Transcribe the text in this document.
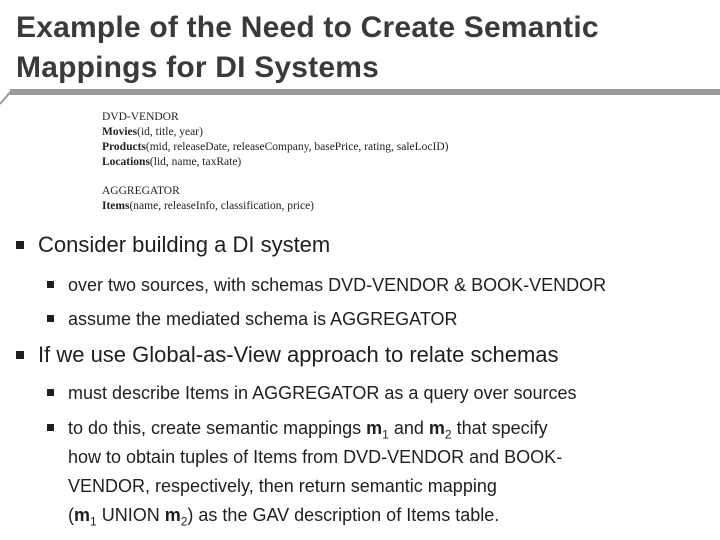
Example of the Need to Create Semantic
Mappings for DI Systems
DVD-VENDOR
Movies(id, title, year)
Products(mid, releaseDate, releaseCompany, basePrice, rating, saleLocID)
Locations(lid, name, taxRate)
AGGREGATOR
Items(name, releaseInfo, classification, price)
Consider building a DI system
over two sources, with schemas DVD-VENDOR & BOOK-VENDOR
assume the mediated schema is AGGREGATOR
If we use Global-as-View approach to relate schemas
must describe Items in AGGREGATOR as a query over sources
to do this, create semantic mappings $m_1$ and $m_2$ that specify
how to obtain tuples of Items from DVD-VENDOR and BOOK-
VENDOR, respectively, then return semantic mapping
($m_1$ UNION $m_2$) as the GAV description of Items table.
